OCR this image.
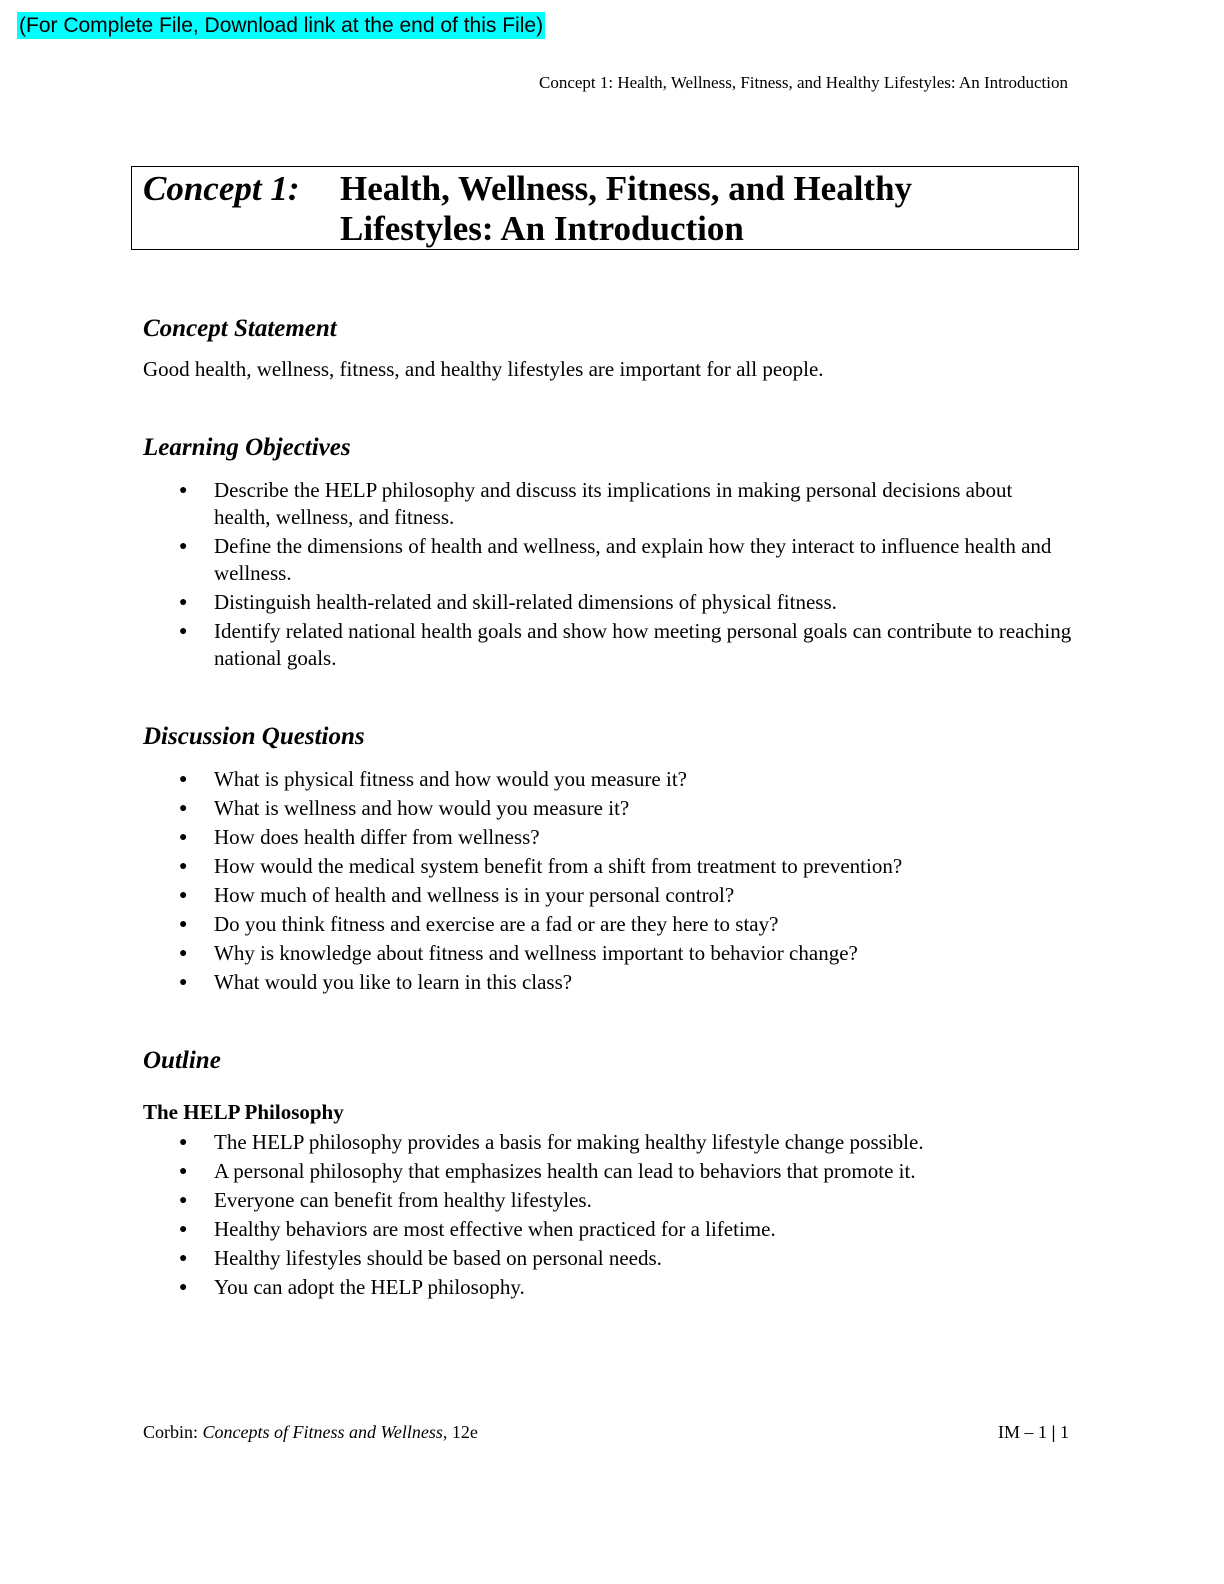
(For Complete File, Download link at the end of this File)
Concept 1: Health, Wellness, Fitness, and Healthy Lifestyles: An Introduction
Concept 1: Health, Wellness, Fitness, and Healthy
Lifestyles: An Introduction
Concept Statement
Good health, wellness, fitness, and healthy lifestyles are important for all people.
Learning Objectives
● Describe the HELP philosophy and discuss its implications in making personal decisions about health, wellness, and fitness.
● Define the dimensions of health and wellness, and explain how they interact to influence health and wellness.
● Distinguish health-related and skill-related dimensions of physical fitness.
● Identify related national health goals and show how meeting personal goals can contribute to reaching national goals.
Discussion Questions
● What is physical fitness and how would you measure it?
● What is wellness and how would you measure it?
● How does health differ from wellness?
● How would the medical system benefit from a shift from treatment to prevention?
● How much of health and wellness is in your personal control?
● Do you think fitness and exercise are a fad or are they here to stay?
● Why is knowledge about fitness and wellness important to behavior change?
● What would you like to learn in this class?
Outline
The HELP Philosophy
● The HELP philosophy provides a basis for making healthy lifestyle change possible.
● A personal philosophy that emphasizes health can lead to behaviors that promote it.
● Everyone can benefit from healthy lifestyles.
● Healthy behaviors are most effective when practiced for a lifetime.
● Healthy lifestyles should be based on personal needs.
● You can adopt the HELP philosophy.
Corbin: Concepts of Fitness and Wellness, 12e	IM – 1 | 1
